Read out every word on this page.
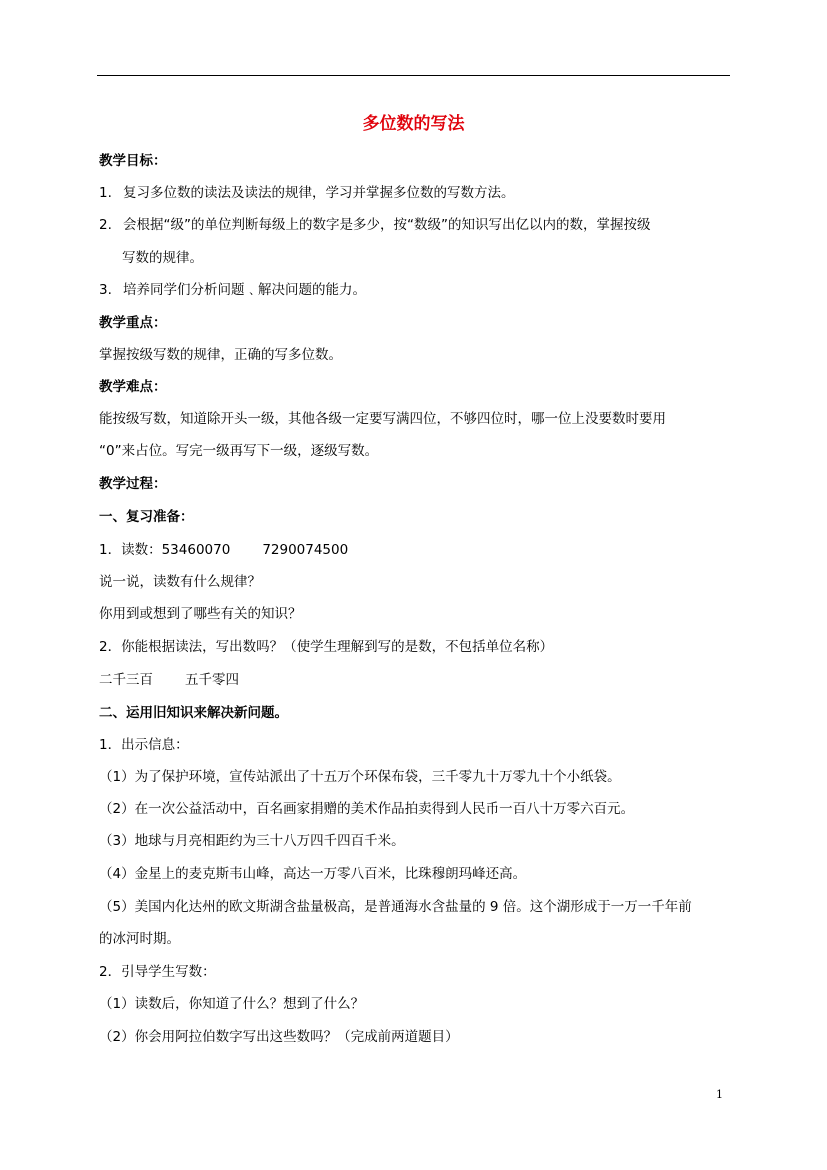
多位数的写法
教学目标：
1. 复习多位数的读法及读法的规律，学习并掌握多位数的写数方法。
2. 会根据“级”的单位判断每级上的数字是多少，按“数级”的知识写出亿以内的数，掌握按级
写数的规律。
3. 培养同学们分析问题﹑解决问题的能力。
教学重点：
掌握按级写数的规律，正确的写多位数。
教学难点：
能按级写数，知道除开头一级，其他各级一定要写满四位，不够四位时，哪一位上没要数时要用
“0”来占位。写完一级再写下一级，逐级写数。
教学过程：
一、复习准备：
1．读数：53460070 7290074500
说一说，读数有什么规律？
你用到或想到了哪些有关的知识？
2．你能根据读法，写出数吗？（使学生理解到写的是数，不包括单位名称）
二千三百 五千零四
二、运用旧知识来解决新问题。
1．出示信息：
（1）为了保护环境，宣传站派出了十五万个环保布袋，三千零九十万零九十个小纸袋。
（2）在一次公益活动中，百名画家捐赠的美术作品拍卖得到人民币一百八十万零六百元。
（3）地球与月亮相距约为三十八万四千四百千米。
（4）金星上的麦克斯韦山峰，高达一万零八百米，比珠穆朗玛峰还高。
（5）美国内化达州的欧文斯湖含盐量极高，是普通海水含盐量的 9 倍。这个湖形成于一万一千年前
的冰河时期。
2．引导学生写数：
（1）读数后，你知道了什么？想到了什么？
（2）你会用阿拉伯数字写出这些数吗？（完成前两道题目）
1
